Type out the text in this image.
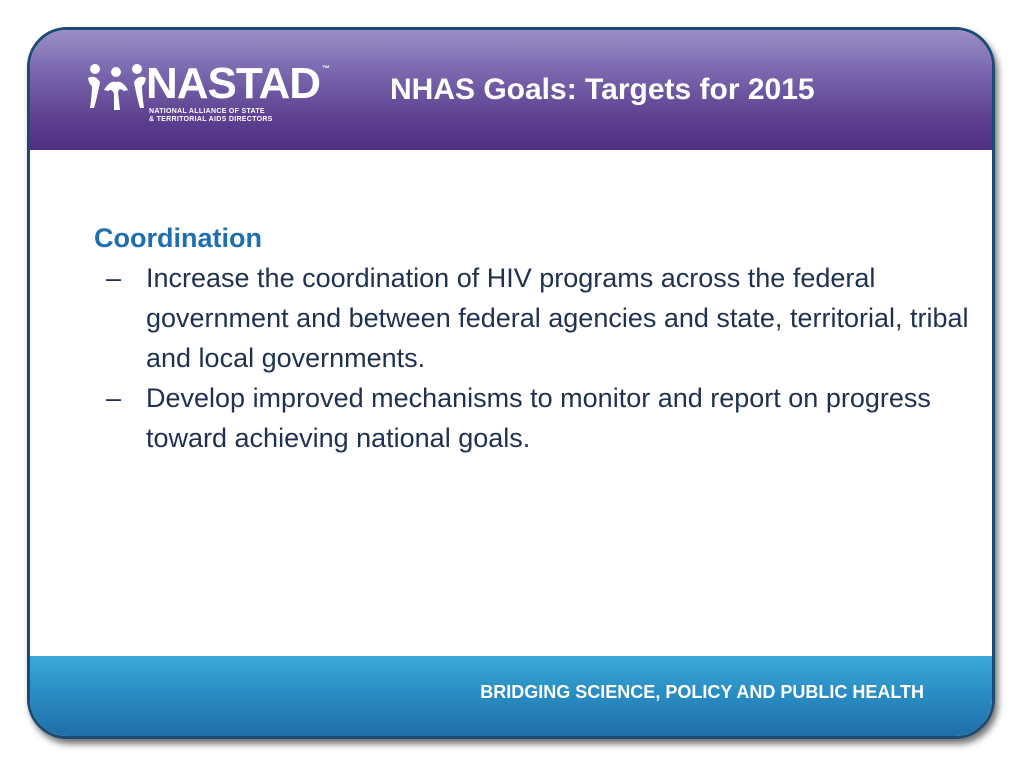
NASTAD ™
NATIONAL ALLIANCE OF STATE
& TERRITORIAL AIDS DIRECTORS
NHAS Goals: Targets for 2015
Coordination
– Increase the coordination of HIV programs across the federal government and between federal agencies and state, territorial, tribal and local governments.
– Develop improved mechanisms to monitor and report on progress toward achieving national goals.

BRIDGING SCIENCE, POLICY AND PUBLIC HEALTH
